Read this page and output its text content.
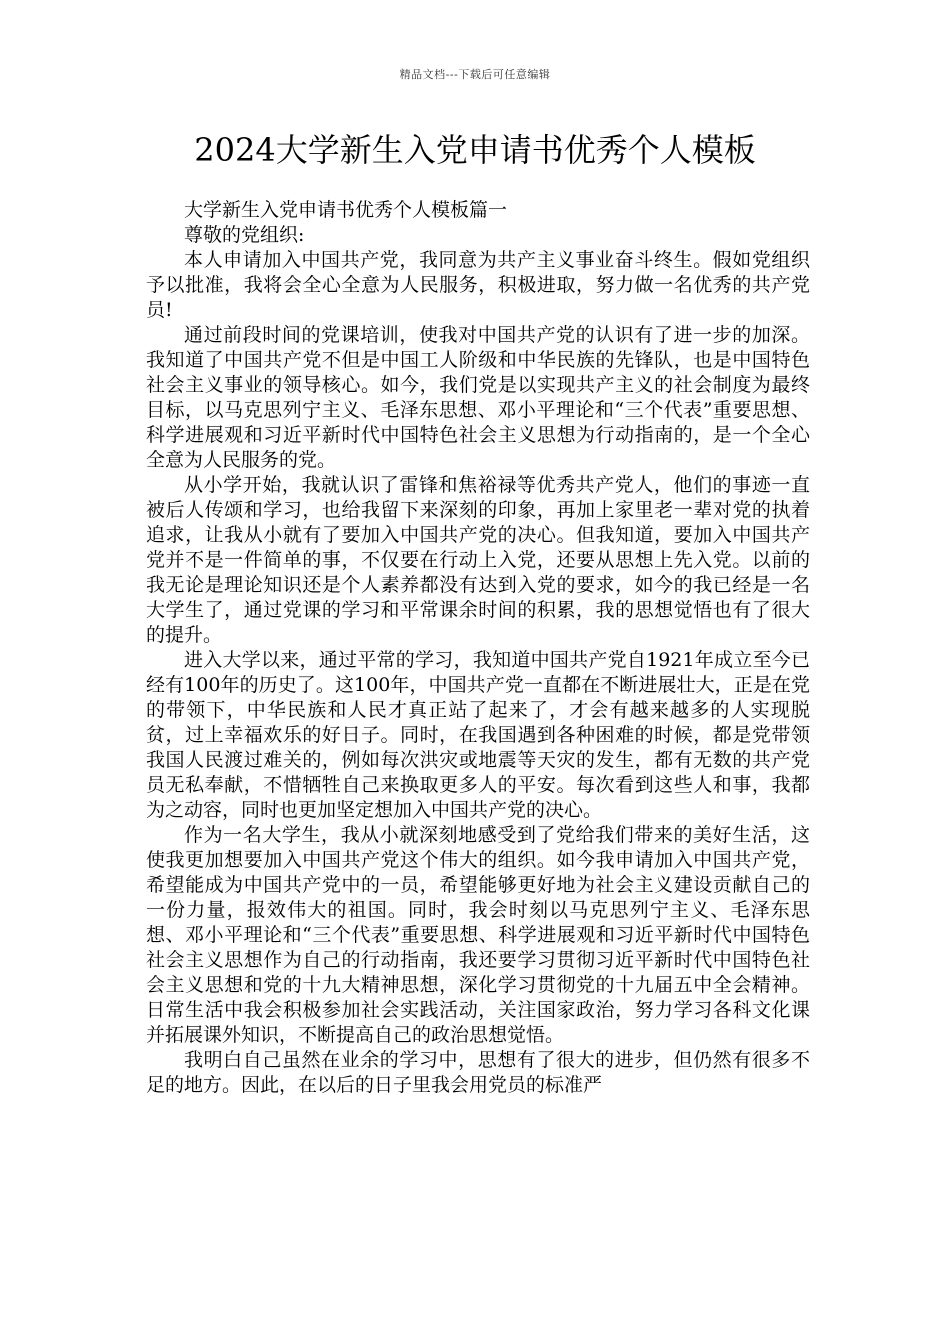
精品文档---下载后可任意编辑
2024大学新生入党申请书优秀个人模板

大学新生入党申请书优秀个人模板篇一

尊敬的党组织:

本人申请加入中国共产党，我同意为共产主义事业奋斗终生。假如党组织予以批准，我将会全心全意为人民服务，积极进取，努力做一名优秀的共产党员!

通过前段时间的党课培训，使我对中国共产党的认识有了进一步的加深。我知道了中国共产党不但是中国工人阶级和中华民族的先锋队，也是中国特色社会主义事业的领导核心。如今，我们党是以实现共产主义的社会制度为最终目标，以马克思列宁主义、毛泽东思想、邓小平理论和“三个代表”重要思想、科学进展观和习近平新时代中国特色社会主义思想为行动指南的，是一个全心全意为人民服务的党。

从小学开始，我就认识了雷锋和焦裕禄等优秀共产党人，他们的事迹一直被后人传颂和学习，也给我留下来深刻的印象，再加上家里老一辈对党的执着追求，让我从小就有了要加入中国共产党的决心。但我知道，要加入中国共产党并不是一件简单的事，不仅要在行动上入党，还要从思想上先入党。以前的我无论是理论知识还是个人素养都没有达到入党的要求，如今的我已经是一名大学生了，通过党课的学习和平常课余时间的积累，我的思想觉悟也有了很大的提升。

进入大学以来，通过平常的学习，我知道中国共产党自1921年成立至今已经有100年的历史了。这100年，中国共产党一直都在不断进展壮大，正是在党的带领下，中华民族和人民才真正站了起来了，才会有越来越多的人实现脱贫，过上幸福欢乐的好日子。同时，在我国遇到各种困难的时候，都是党带领我国人民渡过难关的，例如每次洪灾或地震等天灾的发生，都有无数的共产党员无私奉献，不惜牺牲自己来换取更多人的平安。每次看到这些人和事，我都为之动容，同时也更加坚定想加入中国共产党的决心。

作为一名大学生，我从小就深刻地感受到了党给我们带来的美好生活，这使我更加想要加入中国共产党这个伟大的组织。如今我申请加入中国共产党，希望能成为中国共产党中的一员，希望能够更好地为社会主义建设贡献自己的一份力量，报效伟大的祖国。同时，我会时刻以马克思列宁主义、毛泽东思想、邓小平理论和“三个代表”重要思想、科学进展观和习近平新时代中国特色社会主义思想作为自己的行动指南，我还要学习贯彻习近平新时代中国特色社会主义思想和党的十九大精神思想，深化学习贯彻党的十九届五中全会精神。日常生活中我会积极参加社会实践活动，关注国家政治，努力学习各科文化课并拓展课外知识，不断提高自己的政治思想觉悟。

我明白自己虽然在业余的学习中，思想有了很大的进步，但仍然有很多不足的地方。因此，在以后的日子里我会用党员的标准严
